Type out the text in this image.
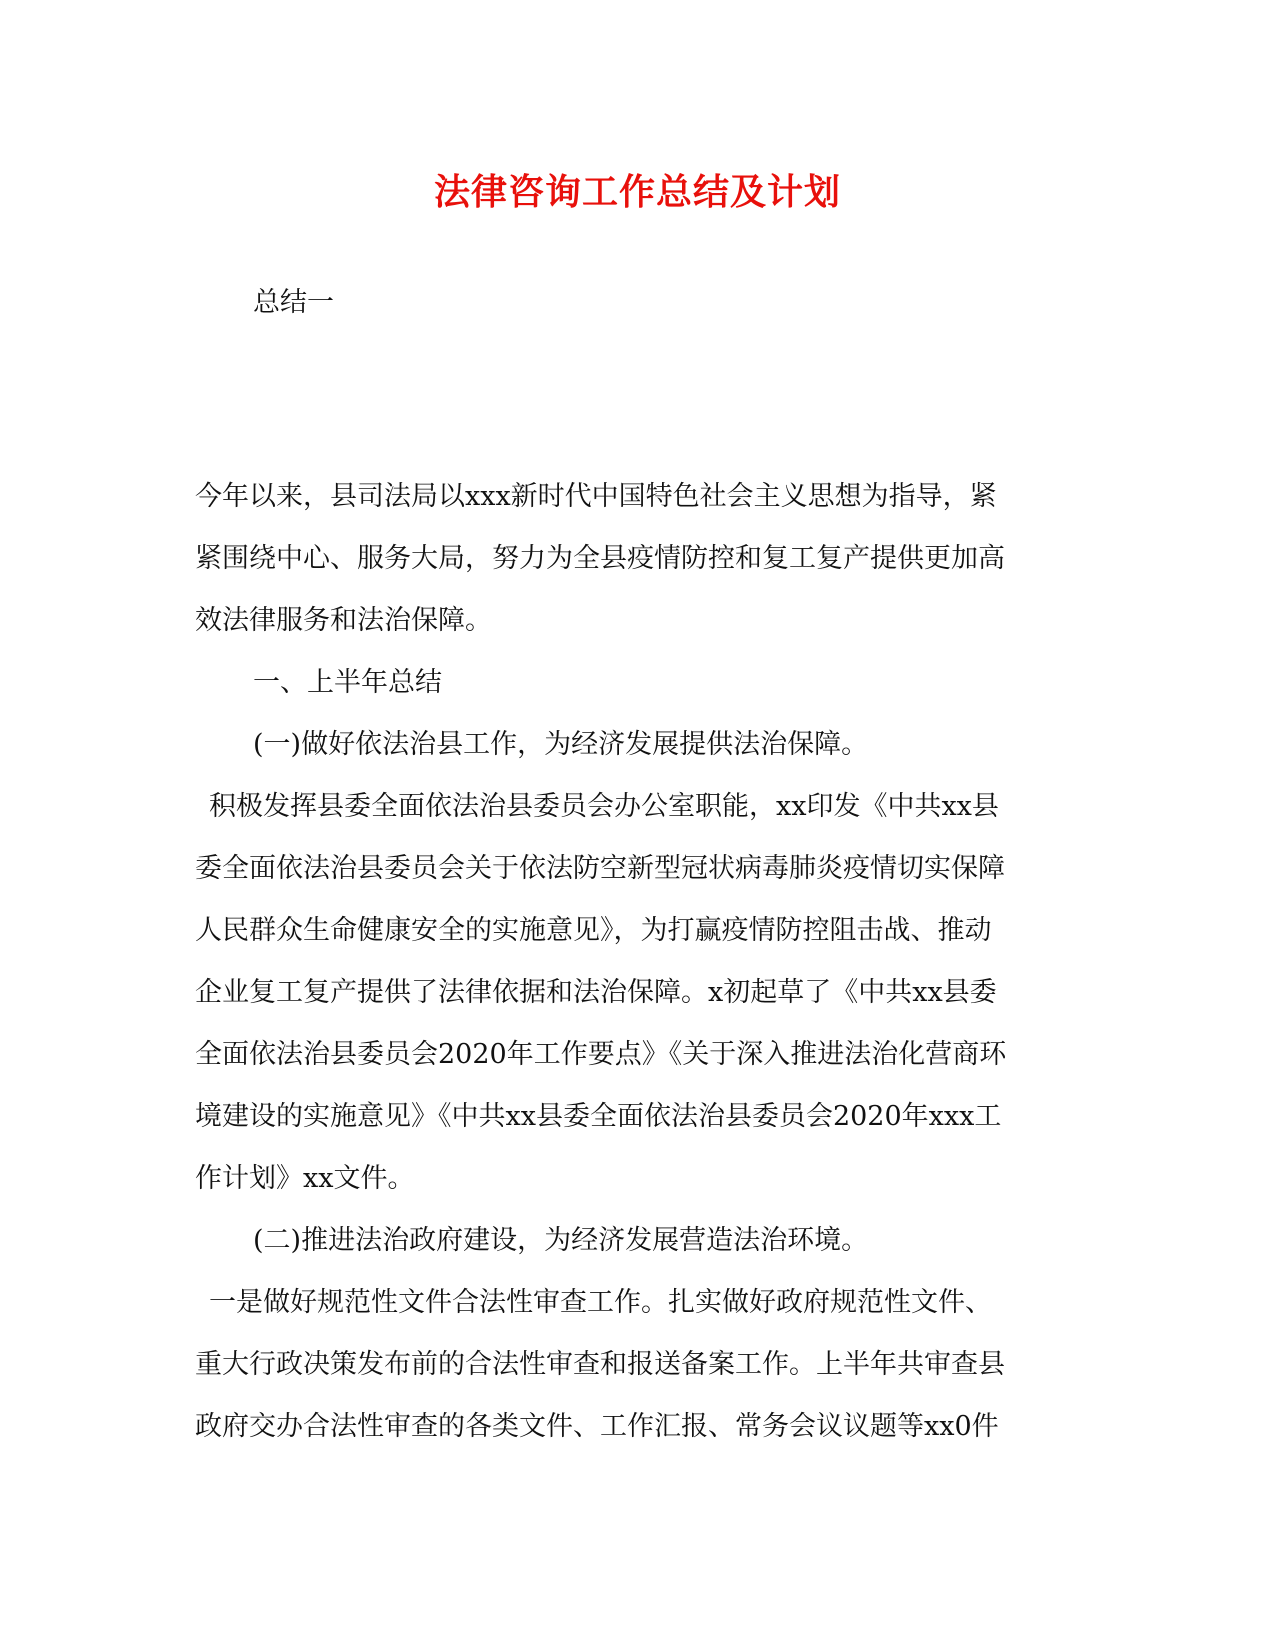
法律咨询工作总结及计划
总结一
今年以来，县司法局以xxx新时代中国特色社会主义思想为指导，紧
紧围绕中心、服务大局，努力为全县疫情防控和复工复产提供更加高
效法律服务和法治保障。
一、上半年总结
(一)做好依法治县工作，为经济发展提供法治保障。
积极发挥县委全面依法治县委员会办公室职能，xx印发《中共xx县
委全面依法治县委员会关于依法防空新型冠状病毒肺炎疫情切实保障
人民群众生命健康安全的实施意见》，为打赢疫情防控阻击战、推动
企业复工复产提供了法律依据和法治保障。x初起草了《中共xx县委
全面依法治县委员会2020年工作要点》《关于深入推进法治化营商环
境建设的实施意见》《中共xx县委全面依法治县委员会2020年xxx工
作计划》xx文件。
(二)推进法治政府建设，为经济发展营造法治环境。
一是做好规范性文件合法性审查工作。扎实做好政府规范性文件、
重大行政决策发布前的合法性审查和报送备案工作。上半年共审查县
政府交办合法性审查的各类文件、工作汇报、常务会议议题等xx0件
